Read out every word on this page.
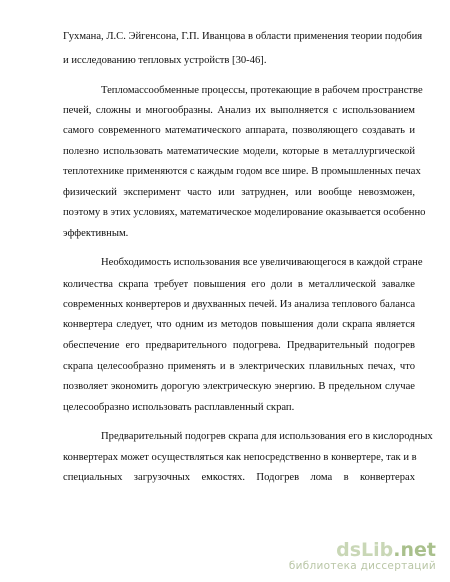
Гухмана, Л.С. Эйгенсона, Г.П. Иванцова в области применения теории подобия
и исследованию тепловых устройств [30-46].
Тепломассообменные процессы, протекающие в рабочем пространстве
печей, сложны и многообразны. Анализ их выполняется с использованием
самого современного математического аппарата, позволяющего создавать и
полезно использовать математические модели, которые в металлургической
теплотехнике применяются с каждым годом все шире. В промышленных печах
физический эксперимент часто или затруднен, или вообще невозможен,
поэтому в этих условиях, математическое моделирование оказывается особенно
эффективным.
Необходимость использования все увеличивающегося в каждой стране
количества скрапа требует повышения его доли в металлической завалке
современных конвертеров и двухванных печей. Из анализа теплового баланса
конвертера следует, что одним из методов повышения доли скрапа является
обеспечение его предварительного подогрева. Предварительный подогрев
скрапа целесообразно применять и в электрических плавильных печах, что
позволяет экономить дорогую электрическую энергию. В предельном случае
целесообразно использовать расплавленный скрап.
Предварительный подогрев скрапа для использования его в кислородных
конвертерах может осуществляться как непосредственно в конвертере, так и в
специальных загрузочных емкостях. Подогрев лома в конвертерах
dsLib.net
библиотека диссертаций
